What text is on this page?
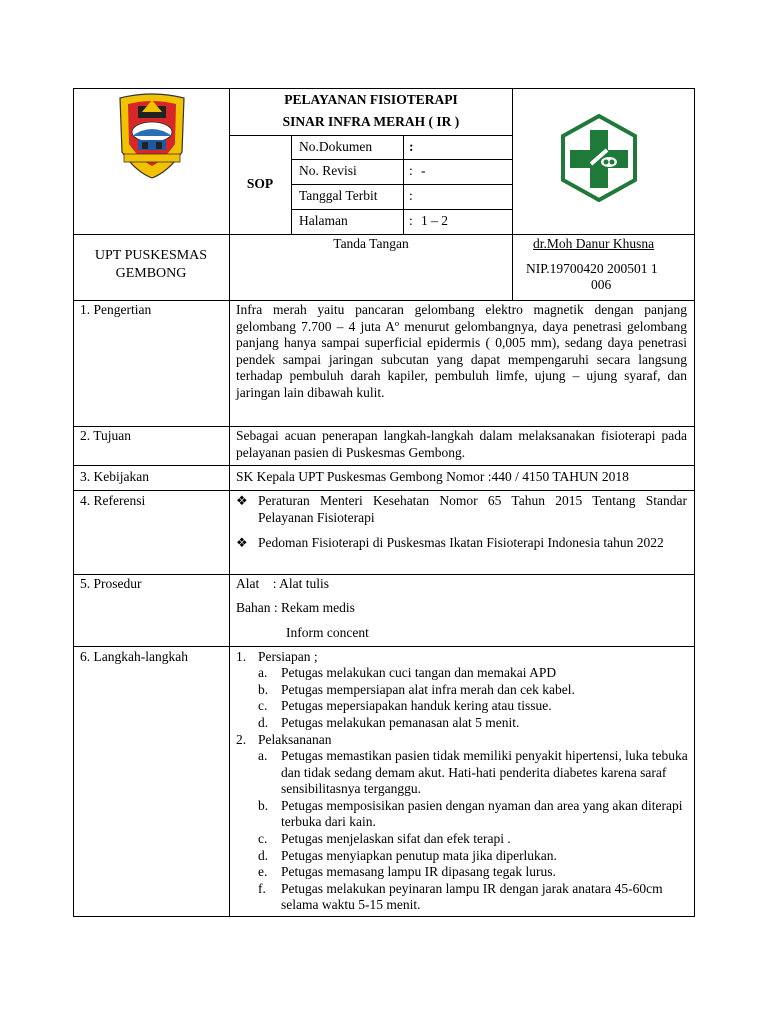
PELAYANAN FISIOTERAPI
SINAR INFRA MERAH ( IR )
SOP
No.Dokumen	:
No. Revisi	: -
Tanggal Terbit :
Halaman	: 1 – 2
UPT PUSKESMAS
GEMBONG
Tanda Tangan	dr.Moh Danur Khusna
NIP.19700420 200501 1
006
1. Pengertian	Infra merah yaitu pancaran gelombang elektro magnetik dengan panjang gelombang 7.700 – 4 juta Aº menurut gelombangnya, daya penetrasi gelombang panjang hanya sampai superficial epidermis ( 0,005 mm), sedang daya penetrasi pendek sampai jaringan subcutan yang dapat mempengaruhi secara langsung terhadap pembuluh darah kapiler, pembuluh limfe, ujung – ujung syaraf, dan jaringan lain dibawah kulit.
2. Tujuan	Sebagai acuan penerapan langkah-langkah dalam melaksanakan fisioterapi pada pelayanan pasien di Puskesmas Gembong.
3. Kebijakan	SK Kepala UPT Puskesmas Gembong Nomor :440 / 4150 TAHUN 2018
4. Referensi	❖ Peraturan Menteri Kesehatan Nomor 65 Tahun 2015 Tentang Standar Pelayanan Fisioterapi
❖ Pedoman Fisioterapi di Puskesmas Ikatan Fisioterapi Indonesia tahun 2022
5. Prosedur	Alat    : Alat tulis
Bahan : Rekam medis
Inform concent
6. Langkah-langkah	1. Persiapan ;
a. Petugas melakukan cuci tangan dan memakai APD
b. Petugas mempersiapan alat infra merah dan cek kabel.
c. Petugas mepersiapakan handuk kering atau tissue.
d. Petugas melakukan pemanasan alat 5 menit.
2. Pelaksananan
a. Petugas memastikan pasien tidak memiliki penyakit hipertensi, luka tebuka dan tidak sedang demam akut. Hati-hati penderita diabetes karena saraf sensibilitasnya terganggu.
b. Petugas memposisikan pasien dengan nyaman dan area yang akan diterapi terbuka dari kain.
c. Petugas menjelaskan sifat dan efek terapi .
d. Petugas menyiapkan penutup mata jika diperlukan.
e. Petugas memasang lampu IR dipasang tegak lurus.
f. Petugas melakukan peyinaran lampu IR dengan jarak anatara 45-60cm selama waktu 5-15 menit.
